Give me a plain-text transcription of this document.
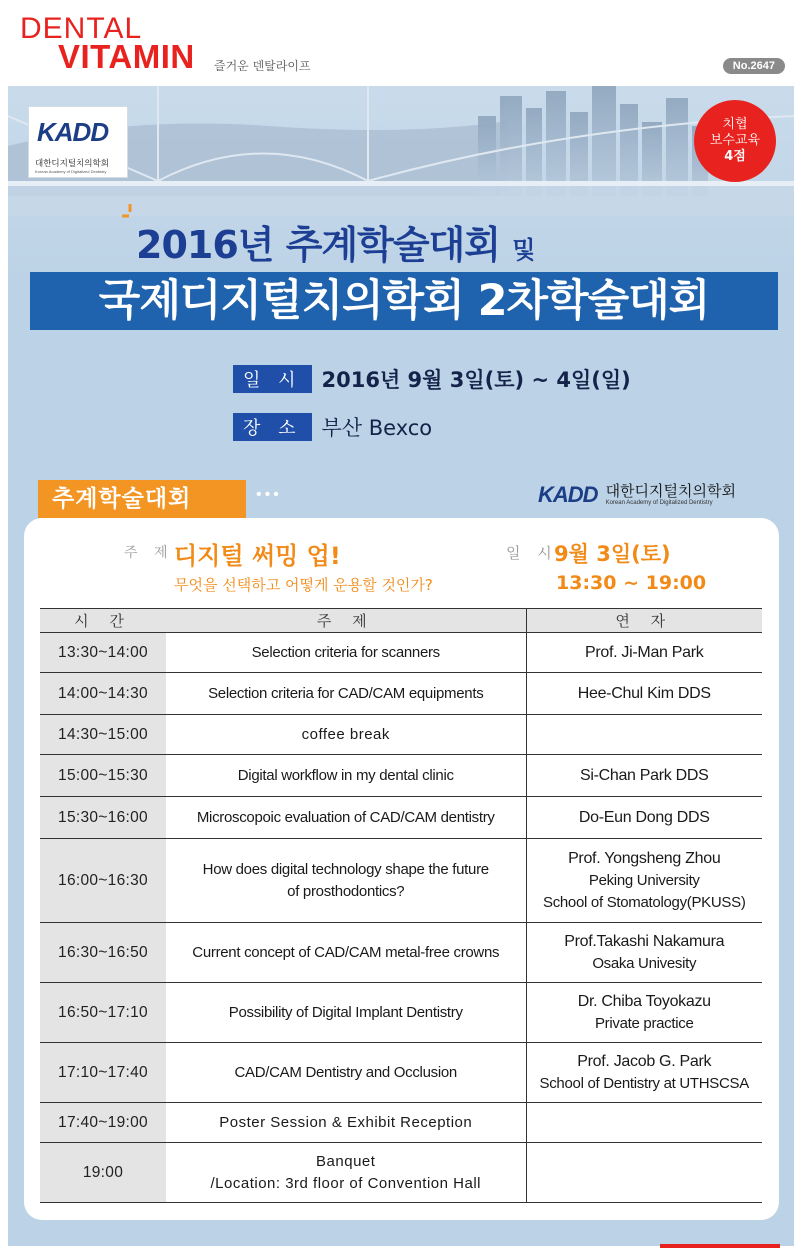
DENTAL
VITAMIN 즐거운 덴탈라이프	No.2647
KADD
대한디지털치의학회
Korean Academy of Digitalized Dentistry
치협
보수교육
4점
2016년 추계학술대회 및
국제디지털치의학회 2차학술대회
일 시 2016년 9월 3일(토) ~ 4일(일)
장 소 부산 Bexco
추계학술대회	•••	KADD 대한디지털치의학회
Korean Academy of Digitalized Dentistry
주 제 디지털 써밍 업!
무엇을 선택하고 어떻게 운용할 것인가?
일 시
9월 3일(토)
13:30 ~ 19:00
시 간	주 제	연 자
13:30~14:00	Selection criteria for scanners	Prof. Ji-Man Park

14:00~14:30	Selection criteria for CAD/CAM equipments	Hee-Chul Kim DDS

14:30~15:00	coffee break	

15:00~15:30	Digital workflow in my dental clinic	Si-Chan Park DDS

15:30~16:00	Microscopoic evaluation of CAD/CAM dentistry	Do-Eun Dong DDS

16:00~16:30	How does digital technology shape the future
of prosthodontics?	Prof. Yongsheng Zhou
Peking University
School of Stomatology(PKUSS)

16:30~16:50	Current concept of CAD/CAM metal-free crowns	Prof.Takashi Nakamura
Osaka Univesity

16:50~17:10	Possibility of Digital Implant Dentistry	Dr. Chiba Toyokazu
Private practice

17:10~17:40	CAD/CAM Dentistry and Occlusion	Prof. Jacob G. Park
School of Dentistry at UTHSCSA

17:40~19:00	Poster Session & Exhibit Reception	

19:00	Banquet
/Location: 3rd floor of Convention Hall	
